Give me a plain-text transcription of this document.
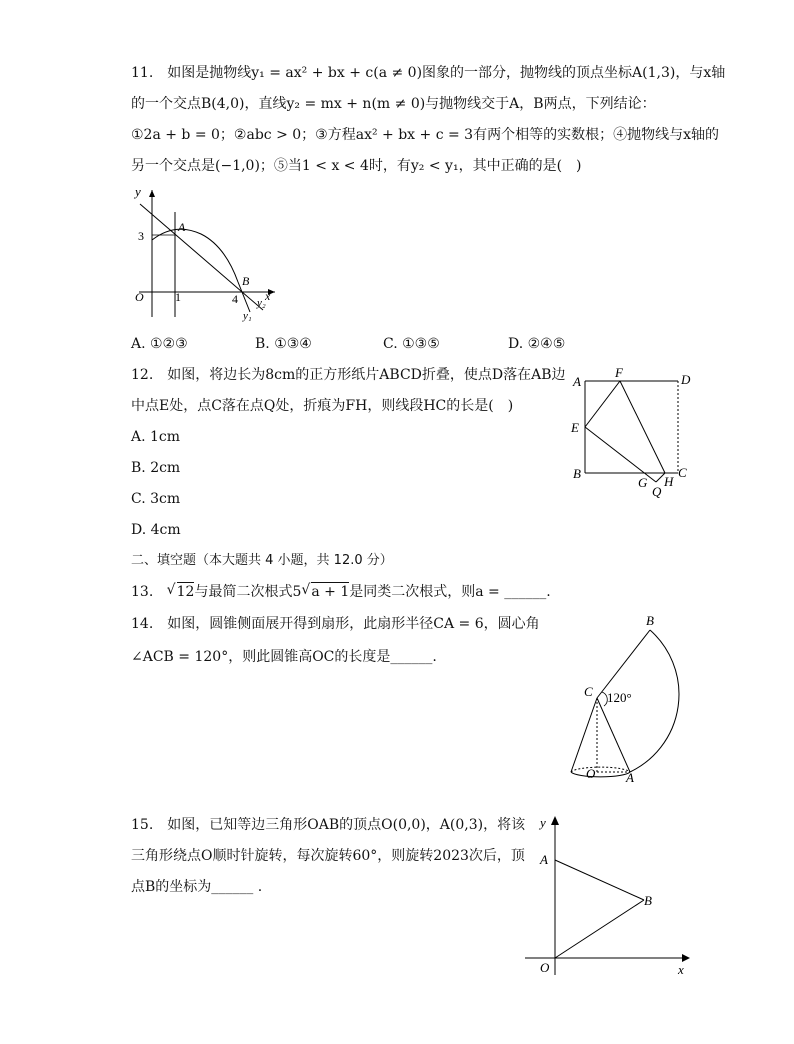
11.　如图是抛物线y₁ = ax² + bx + c(a ≠ 0)图象的一部分，抛物线的顶点坐标A(1,3)，与x轴
的一个交点B(4,0)，直线y₂ = mx + n(m ≠ 0)与抛物线交于A，B两点，下列结论：
①2a + b = 0；②abc > 0；③方程ax² + bx + c = 3有两个相等的实数根；④抛物线与x轴的
另一个交点是(−1,0)；⑤当1 < x < 4时，有y₂ < y₁，其中正确的是(　)
y
A
3
B
O	1	4 x
y₂
y₁
A. ①②③	B. ①③④	C. ①③⑤	D. ②④⑤
12.　如图，将边长为8cm的正方形纸片ABCD折叠，使点D落在AB边
中点E处，点C落在点Q处，折痕为FH，则线段HC的长是(　)
A. 1cm
B. 2cm
C. 3cm
D. 4cm
A
F	D
E
B
G H
C
Q
二、填空题（本大题共 4 小题，共 12.0 分）
13. √ 12与最简二次根式5 √ a + 1是同类二次根式，则a = ______.
14.　如图，圆锥侧面展开得到扇形，此扇形半径CA = 6，圆心角
∠ACB = 120°，则此圆锥高OC的长度是______.
B
C 120°
O A
15.　如图，已知等边三角形OAB的顶点O(0,0)，A(0,3)，将该
三角形绕点O顺时针旋转，每次旋转60°，则旋转2023次后，顶
点B的坐标为______ .
y
A
B
O	x
